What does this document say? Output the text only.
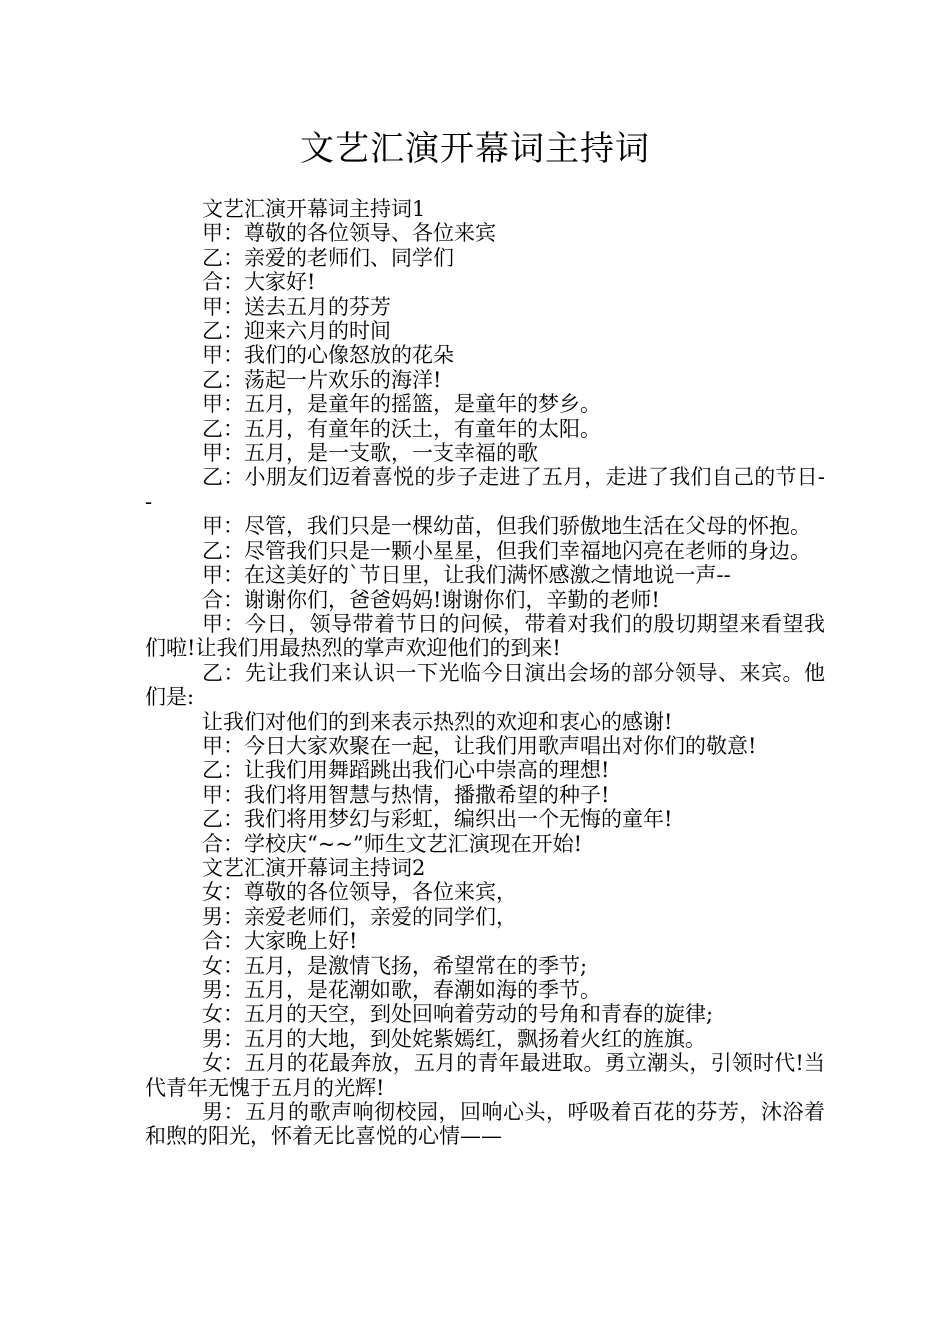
文艺汇演开幕词主持词

文艺汇演开幕词主持词1

甲：尊敬的各位领导、各位来宾

乙：亲爱的老师们、同学们

合：大家好!

甲：送去五月的芬芳

乙：迎来六月的时间

甲：我们的心像怒放的花朵

乙：荡起一片欢乐的海洋!

甲：五月，是童年的摇篮，是童年的梦乡。

乙：五月，有童年的沃土，有童年的太阳。

甲：五月，是一支歌，一支幸福的歌

乙：小朋友们迈着喜悦的步子走进了五月，走进了我们自己的节日--

甲：尽管，我们只是一棵幼苗，但我们骄傲地生活在父母的怀抱。

乙：尽管我们只是一颗小星星，但我们幸福地闪亮在老师的身边。

甲：在这美好的`节日里，让我们满怀感激之情地说一声--

合：谢谢你们，爸爸妈妈!谢谢你们，辛勤的老师!

甲：今日，领导带着节日的问候，带着对我们的殷切期望来看望我们啦!让我们用最热烈的掌声欢迎他们的到来!

乙：先让我们来认识一下光临今日演出会场的部分领导、来宾。他们是:

让我们对他们的到来表示热烈的欢迎和衷心的感谢!

甲：今日大家欢聚在一起，让我们用歌声唱出对你们的敬意!

乙：让我们用舞蹈跳出我们心中崇高的理想!

甲：我们将用智慧与热情，播撒希望的种子!

乙：我们将用梦幻与彩虹，编织出一个无悔的童年!

合：学校庆“~~”师生文艺汇演现在开始!

文艺汇演开幕词主持词2

女：尊敬的各位领导，各位来宾，

男：亲爱老师们，亲爱的同学们，

合：大家晚上好!

女：五月，是激情飞扬，希望常在的季节;

男：五月，是花潮如歌，春潮如海的季节。

女：五月的天空，到处回响着劳动的号角和青春的旋律;

男：五月的大地，到处姹紫嫣红，飘扬着火红的旌旗。

女：五月的花最奔放，五月的青年最进取。勇立潮头，引领时代!当代青年无愧于五月的光辉!

男：五月的歌声响彻校园，回响心头，呼吸着百花的芬芳，沐浴着和煦的阳光，怀着无比喜悦的心情——
